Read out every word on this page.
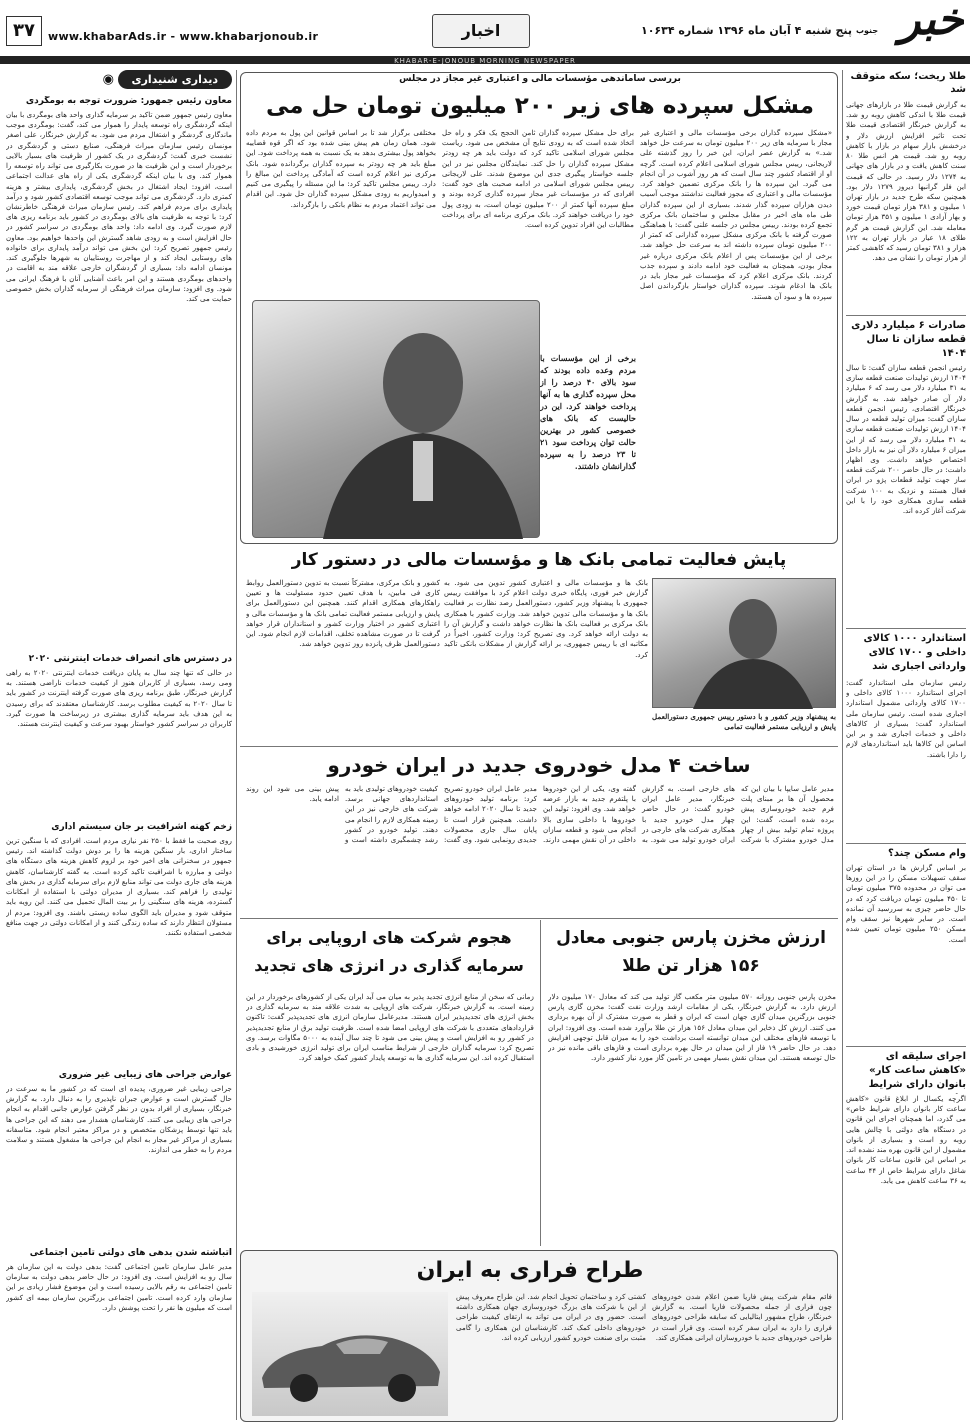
خبر
جنوب
پنج شنبه ۴ آبان ماه ۱۳۹۶ شماره ۱۰۶۳۴
اخبار
www.khabarAds.ir - www.khabarjonoub.ir
۳۷
KHABAR-E-JONOUB MORNING NEWSPAPER
طلا ریخت؛ سکه متوقف شد
به گزارش قیمت طلا در بازارهای جهانی قیمت طلا با اندکی کاهش روبه رو شد. به گزارش خبرنگار اقتصادی قیمت طلا تحت تاثیر افزایش ارزش دلار و درخشش بازار سهام در بازار با کاهش روبه رو شد. قیمت هر انس طلا ۸۰ سنت کاهش یافت و در بازار های جهانی به ۱۲۷۴ دلار رسید. در حالی که قیمت این فلز گرانبها دیروز ۱۲۷۹ دلار بود. همچنین سکه طرح جدید در بازار تهران ۱ میلیون و ۳۸۱ هزار تومان قیمت خورد و بهار آزادی ۱ میلیون و ۳۵۱ هزار تومان معامله شد. این گزارش قیمت هر گرم طلای ۱۸ عیار در بازار تهران به ۱۲۲ هزار و ۳۸۱ تومان رسید که کاهشی کمتر از هزار تومان را نشان می دهد.
صادرات ۶ میلیارد دلاری قطعه سازان تا سال ۱۴۰۴
رئیس انجمن قطعه سازان گفت: تا سال ۱۴۰۴ ارزش تولیدات صنعت قطعه سازی به ۳۱ میلیارد دلار می رسد که ۶ میلیارد دلار آن صادر خواهد شد. به گزارش خبرنگار اقتصادی، رئیس انجمن قطعه سازان گفت: میزان تولید قطعه در سال ۱۴۰۴ ارزش تولیدات صنعت قطعه سازی به ۳۱ میلیارد دلار می رسد که از این میزان ۶ میلیارد دلار آن نیز به بازار داخل اختصاص خواهد داشت. وی اظهار داشت: در حال حاضر ۲۰۰ شرکت قطعه ساز جهت تولید قطعات پژو در ایران فعال هستند و نزدیک به ۱۰۰ شرکت قطعه سازی همکاری خود را با این شرکت آغاز کرده اند.
استاندارد ۱۰۰۰ کالای داخلی و ۱۷۰۰ کالای وارداتی اجباری شد
رئیس سازمان ملی استاندارد گفت: اجرای استاندارد ۱۰۰۰ کالای داخلی و ۱۷۰۰ کالای وارداتی مشمول استاندارد اجباری شده است. رئیس سازمان ملی استاندارد گفت: بسیاری از کالاهای داخلی و خدمات اجباری شد و بر این اساس این کالاها باید استانداردهای لازم را دارا باشند.
وام مسکن چند؟
بر اساس گزارش ها در استان تهران سقف تسهیلات مسکن را در این روزها می توان در محدوده ۳۷۵ میلیون تومان تا ۴۵۰ میلیون تومان دریافت کرد که در حال حاضر چیزی به سررسید آن نمانده است. در سایر شهرها نیز سقف وام مسکن ۲۵۰ میلیون تومان تعیین شده است.
اجرای سلیقه ای «کاهش ساعت کار» بانوان دارای شرایط
اگرچه یکسال از ابلاغ قانون «کاهش ساعت کار بانوان دارای شرایط خاص» می گذرد، اما همچنان اجرای این قانون در دستگاه های دولتی با چالش هایی روبه رو است و بسیاری از بانوان مشمول از این قانون بهره مند نشده اند. بر اساس این قانون ساعات کار بانوان شاغل دارای شرایط خاص از ۴۴ ساعت به ۳۶ ساعت کاهش می یابد.
دیداری شنیداری
◉
معاون رئیس جمهور: ضرورت توجه به بومگردی
معاون رئیس جمهور ضمن تاکید بر سرمایه گذاری واحد های بومگردی با بیان اینکه گردشگری راه توسعه پایدار را هموار می کند، گفت: بومگردی موجب ماندگاری گردشگر و اشتغال مردم می شود. به گزارش خبرنگار، علی اصغر مونسان رئیس سازمان میراث فرهنگی، صنایع دستی و گردشگری در نشست خبری گفت: گردشگری در یک کشور از ظرفیت های بسیار بالایی برخوردار است و این ظرفیت ها در صورت بکارگیری می تواند راه توسعه را هموار کند. وی با بیان اینکه گردشگری یکی از راه های عدالت اجتماعی است، افزود: ایجاد اشتغال در بخش گردشگری، پایداری بیشتر و هزینه کمتری دارد. گردشگری می تواند موجب توسعه اقتصادی کشور شود و درآمد پایداری برای مردم فراهم کند. رئیس سازمان میراث فرهنگی خاطرنشان کرد: با توجه به ظرفیت های بالای بومگردی در کشور باید برنامه ریزی های لازم صورت گیرد. وی ادامه داد: واحد های بومگردی در سراسر کشور در حال افزایش است و به زودی شاهد گسترش این واحدها خواهیم بود. معاون رئیس جمهور تصریح کرد: این بخش می تواند درآمد پایداری برای خانواده های روستایی ایجاد کند و از مهاجرت روستاییان به شهرها جلوگیری کند. مونسان ادامه داد: بسیاری از گردشگران خارجی علاقه مند به اقامت در واحدهای بومگردی هستند و این امر باعث آشنایی آنان با فرهنگ ایرانی می شود. وی افزود: سازمان میراث فرهنگی از سرمایه گذاران بخش خصوصی حمایت می کند.
در دسترس های انصراف خدمات اینترنتی ۲۰۲۰
در حالی که تنها چند سال به پایان دریافت خدمات اینترنتی ۲۰۲۰ به راهی ومی رسد، بسیاری از کاربران هنوز از کیفیت خدمات ناراضی هستند. به گزارش خبرنگار، طبق برنامه ریزی های صورت گرفته اینترنت در کشور باید تا سال ۲۰۲۰ به کیفیت مطلوب برسد. کارشناسان معتقدند که برای رسیدن به این هدف باید سرمایه گذاری بیشتری در زیرساخت ها صورت گیرد. کاربران در سراسر کشور خواستار بهبود سرعت و کیفیت اینترنت هستند.
زخم کهنه اشرافیت بر جان سیستم اداری
روی صحبت ما فقط با ۲۵۰ نفر نیازی مردم است. افرادی که با سنگین ترین ساختار اداری، بار سنگین هزینه ها را بر دوش دولت گذاشته اند. رئیس جمهور در سخنرانی های اخیر خود بر لزوم کاهش هزینه های دستگاه های دولتی و مبارزه با اشرافیت تاکید کرده است. به گفته کارشناسان، کاهش هزینه های جاری دولت می تواند منابع لازم برای سرمایه گذاری در بخش های تولیدی را فراهم کند. بسیاری از مدیران دولتی با استفاده از امکانات گسترده، هزینه های سنگینی را بر بیت المال تحمیل می کنند. این رویه باید متوقف شود و مدیران باید الگوی ساده زیستی باشند. وی افزود: مردم از مسئولان انتظار دارند که ساده زندگی کنند و از امکانات دولتی در جهت منافع شخصی استفاده نکنند.
عوارض جراحی های زیبایی غیر ضروری
جراحی زیبایی غیر ضروری، پدیده ای است که در کشور ما به سرعت در حال گسترش است و عوارض جبران ناپذیری را به دنبال دارد. به گزارش خبرنگار، بسیاری از افراد بدون در نظر گرفتن عوارض جانبی اقدام به انجام جراحی های زیبایی می کنند. کارشناسان هشدار می دهند که این جراحی ها باید تنها توسط پزشکان متخصص و در مراکز معتبر انجام شود. متاسفانه بسیاری از مراکز غیر مجاز به انجام این جراحی ها مشغول هستند و سلامت مردم را به خطر می اندازند.
اتباشته شدن بدهی های دولتی تامین اجتماعی
مدیر عامل سازمان تامین اجتماعی گفت: بدهی دولت به این سازمان هر سال رو به افزایش است. وی افزود: در حال حاضر بدهی دولت به سازمان تامین اجتماعی به رقم بالایی رسیده است و این موضوع فشار زیادی بر این سازمان وارد کرده است. تامین اجتماعی بزرگترین سازمان بیمه ای کشور است که میلیون ها نفر را تحت پوشش دارد.
بررسی ساماندهی مؤسسات مالی و اعتباری غیر مجاز در مجلس
مشکل سپرده های زیر ۲۰۰ میلیون تومان حل می
«مشکل سپرده گذاران برخی مؤسسات مالی و اعتباری غیر مجاز با سرمایه های زیر ۲۰۰ میلیون تومان به سرعت حل خواهد شد.» به گزارش عصر ایران، این خبر را روز گذشته علی لاریجانی، رییس مجلس شورای اسلامی اعلام کرده است. گرچه او از اقتصاد کشور چند سال است که هر روز آشوب در آن انجام می گیرد. این سپرده ها را بانک مرکزی تضمین خواهد کرد. مؤسسات مالی و اعتباری که مجوز فعالیت نداشتند موجب آسیب دیدن هزاران سپرده گذار شدند. بسیاری از این سپرده گذاران طی ماه های اخیر در مقابل مجلس و ساختمان بانک مرکزی تجمع کرده بودند. رییس مجلس در جلسه علنی گفت: با هماهنگی صورت گرفته با بانک مرکزی مشکل سپرده گذارانی که کمتر از ۲۰۰ میلیون تومان سپرده داشته اند به سرعت حل خواهد شد. برخی از این مؤسسات پس از اعلام بانک مرکزی درباره غیر مجاز بودن، همچنان به فعالیت خود ادامه دادند و سپرده جذب کردند. بانک مرکزی اعلام کرد که مؤسسات غیر مجاز باید در بانک ها ادغام شوند. سپرده گذاران خواستار بازگرداندن اصل سپرده ها و سود آن هستند.
برای حل مشکل سپرده گذاران ثامن الحجج یک فکر و راه حل اتخاذ شده است که به زودی نتایج آن مشخص می شود. ریاست مجلس شورای اسلامی تاکید کرد که دولت باید هر چه زودتر مشکل سپرده گذاران را حل کند. نمایندگان مجلس نیز در این جلسه خواستار پیگیری جدی این موضوع شدند. علی لاریجانی رییس مجلس شورای اسلامی در ادامه صحبت های خود گفت: افرادی که در مؤسسات غیر مجاز سپرده گذاری کرده بودند و مبلغ سپرده آنها کمتر از ۲۰۰ میلیون تومان است، به زودی پول خود را دریافت خواهند کرد. بانک مرکزی برنامه ای برای پرداخت مطالبات این افراد تدوین کرده است.
مختلفی برگزار شد تا بر اساس قوانین این پول به مردم داده شود. همان زمان هم پیش بینی شده بود که اگر قوه قضاییه بخواهد پول بیشتری بدهد به یک نسبت به همه پرداخت شود. این مبلغ باید هر چه زودتر به سپرده گذاران برگردانده شود. بانک مرکزی نیز اعلام کرده است که آمادگی پرداخت این مبالغ را دارد. رییس مجلس تاکید کرد: ما این مسئله را پیگیری می کنیم و امیدواریم به زودی مشکل سپرده گذاران حل شود. این اقدام می تواند اعتماد مردم به نظام بانکی را بازگرداند.
برخی از این مؤسسات با مردم وعده داده بودند که سود بالای ۴۰ درصد را از محل سپرده گذاری ها به آنها پرداخت خواهند کرد. این در حالیست که بانک های خصوصی کشور در بهترین حالت توان پرداخت سود ۲۱ تا ۲۳ درصد را به سپرده گذارانشان داشتند.
پایش فعالیت تمامی بانک ها و مؤسسات مالی در دستور کار
به پیشنهاد وزیر کشور و با دستور رییس جمهوری دستورالعمل پایش و ارزیابی مستمر فعالیت تمامی
بانک ها و مؤسسات مالی و اعتباری کشور تدوین می شود. به گزارش خبر فوری، پایگاه خبری دولت اعلام کرد با موافقت رییس جمهوری با پیشنهاد وزیر کشور، دستورالعمل رصد نظارت بر فعالیت بانک ها و مؤسسات مالی تدوین خواهد شد. وزارت کشور با همکاری بانک مرکزی بر فعالیت بانک ها نظارت خواهد داشت و گزارش آن را به دولت ارائه خواهد کرد. وی تصریح کرد: وزارت کشور، اخیراً در مکاتبه ای با رییس جمهوری، بر ارائه گزارش از مشکلات بانکی تاکید کرد.
کشور و بانک مرکزی، مشترکاً نسبت به تدوین دستورالعمل روابط کاری فی مابین، با هدف تعیین حدود مسئولیت ها و تعیین راهکارهای همکاری اقدام کنند. همچنین این دستورالعمل برای پایش و ارزیابی مستمر فعالیت تمامی بانک ها و مؤسسات مالی و اعتباری کشور در اختیار وزارت کشور و استانداران قرار خواهد گرفت تا در صورت مشاهده تخلف، اقدامات لازم انجام شود. این دستورالعمل ظرف پانزده روز تدوین خواهد شد.
ساخت ۴ مدل خودروی جدید در ایران خودرو
مدیر عامل سایپا با بیان این که محصول آن ها بر مبنای پلت فرم جدید خودروسازی پیش برده شده است، گفت: این پروژه تمام تولید بیش از چهار مدل خودرو مشترک با شرکت های خارجی است. به گزارش خبرنگار، مدیر عامل ایران خودرو گفت: در حال حاضر چهار مدل خودرو جدید با همکاری شرکت های خارجی در ایران خودرو تولید می شود. به گفته وی، یکی از این خودروها با پلتفرم جدید به بازار عرضه خواهد شد. وی افزود: تولید این خودروها با داخلی سازی بالا انجام می شود و قطعه سازان داخلی در آن نقش مهمی دارند. مدیر عامل ایران خودرو تصریح کرد: برنامه تولید خودروهای جدید تا سال ۲۰۲۰ ادامه خواهد داشت. همچنین قرار است تا پایان سال جاری محصولات جدیدی رونمایی شود. وی گفت: کیفیت خودروهای تولیدی باید به استانداردهای جهانی برسد. شرکت های خارجی نیز در این زمینه همکاری لازم را انجام می دهند. تولید خودرو در کشور رشد چشمگیری داشته است و پیش بینی می شود این روند ادامه یابد.
ارزش مخزن پارس جنوبی معادل ۱۵۶ هزار تن طلا
مخزن پارس جنوبی روزانه ۵۷۰ میلیون متر مکعب گاز تولید می کند که معادل ۱۷۰ میلیون دلار ارزش دارد. به گزارش خبرنگار، یکی از مقامات ارشد وزارت نفت گفت: مخزن گازی پارس جنوبی بزرگترین میدان گازی جهان است که ایران و قطر به صورت مشترک از آن بهره برداری می کنند. ارزش کل ذخایر این میدان معادل ۱۵۶ هزار تن طلا برآورد شده است. وی افزود: ایران با توسعه فازهای مختلف این میدان توانسته است برداشت خود را به میزان قابل توجهی افزایش دهد. در حال حاضر ۱۹ فاز از این میدان در حال بهره برداری است و فازهای باقی مانده نیز در حال توسعه هستند. این میدان نقش بسیار مهمی در تامین گاز مورد نیاز کشور دارد.
هجوم شرکت های اروپایی برای سرمایه گذاری در انرژی های تجدید
زمانی که سخن از منابع انرژی تجدید پذیر به میان می آید ایران یکی از کشورهای برخوردار در این زمینه است. به گزارش خبرنگار، شرکت های اروپایی به شدت علاقه مند به سرمایه گذاری در بخش انرژی های تجدیدپذیر ایران هستند. مدیرعامل سازمان انرژی های تجدیدپذیر گفت: تاکنون قراردادهای متعددی با شرکت های اروپایی امضا شده است. ظرفیت تولید برق از منابع تجدیدپذیر در کشور رو به افزایش است و پیش بینی می شود تا چند سال آینده به ۵۰۰۰ مگاوات برسد. وی تصریح کرد: سرمایه گذاران خارجی از شرایط مناسب ایران برای تولید انرژی خورشیدی و بادی استقبال کرده اند. این سرمایه گذاری ها به توسعه پایدار کشور کمک خواهد کرد.
طراح فراری به ایران
فائم مقام شرکت پیش فاریا ضمن اعلام شدن خودروهای چون فراری از جمله محصولات فاریا است. به گزارش خبرنگار، طراح مشهور ایتالیایی که سابقه طراحی خودروهای فراری را دارد به ایران سفر کرده است. وی قرار است در طراحی خودروهای جدید با خودروسازان ایرانی همکاری کند.
کشتی کرد و ساختمان تحویل انجام شد. این طراح معروف پیش از این با شرکت های بزرگ خودروسازی جهان همکاری داشته است. حضور وی در ایران می تواند به ارتقای کیفیت طراحی خودروهای داخلی کمک کند. کارشناسان این همکاری را گامی مثبت برای صنعت خودرو کشور ارزیابی کرده اند.
